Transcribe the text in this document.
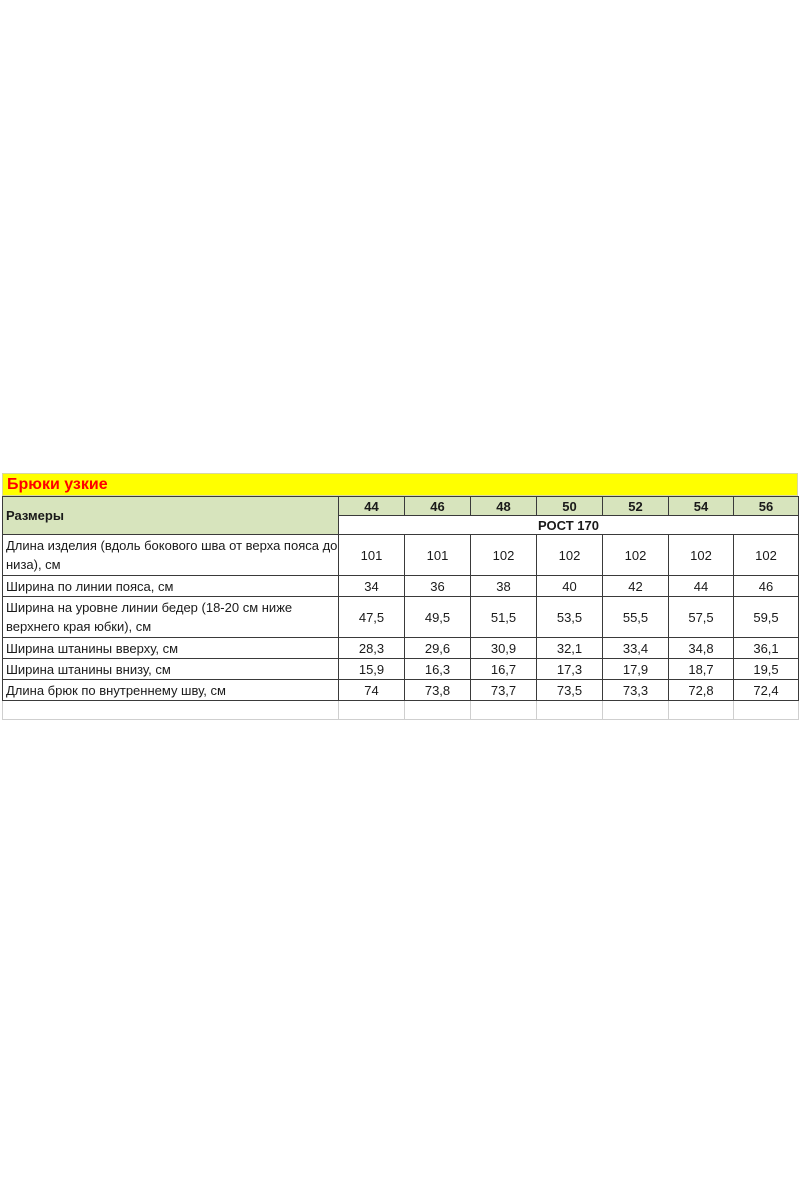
Брюки узкие
Размеры	44	46	48	50	52	54	56
	РОСТ 170						
Длина изделия (вдоль бокового шва от верха пояса до низа), см	101	101	102	102	102	102	102
Ширина по линии пояса, см	34	36	38	40	42	44	46
Ширина на уровне линии бедер (18-20 см ниже верхнего края юбки), см	47,5	49,5	51,5	53,5	55,5	57,5	59,5
Ширина штанины вверху, см	28,3	29,6	30,9	32,1	33,4	34,8	36,1
Ширина штанины внизу, см	15,9	16,3	16,7	17,3	17,9	18,7	19,5
Длина брюк по внутреннему шву, см	74	73,8	73,7	73,5	73,3	72,8	72,4
